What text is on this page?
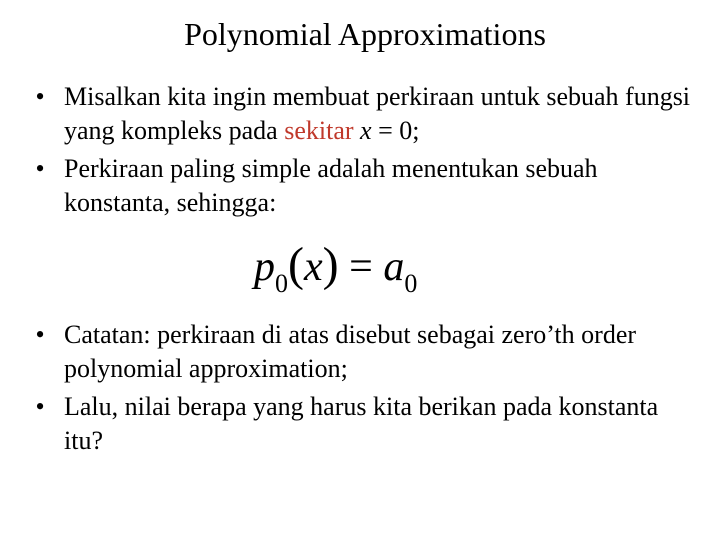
Polynomial Approximations
• Misalkan kita ingin membuat perkiraan untuk sebuah fungsi yang kompleks pada sekitar x = 0;
• Perkiraan paling simple adalah menentukan sebuah konstanta, sehingga:
$p_0(x) = a_0$
• Catatan: perkiraan di atas disebut sebagai zero’th order polynomial approximation;
• Lalu, nilai berapa yang harus kita berikan pada konstanta itu?
